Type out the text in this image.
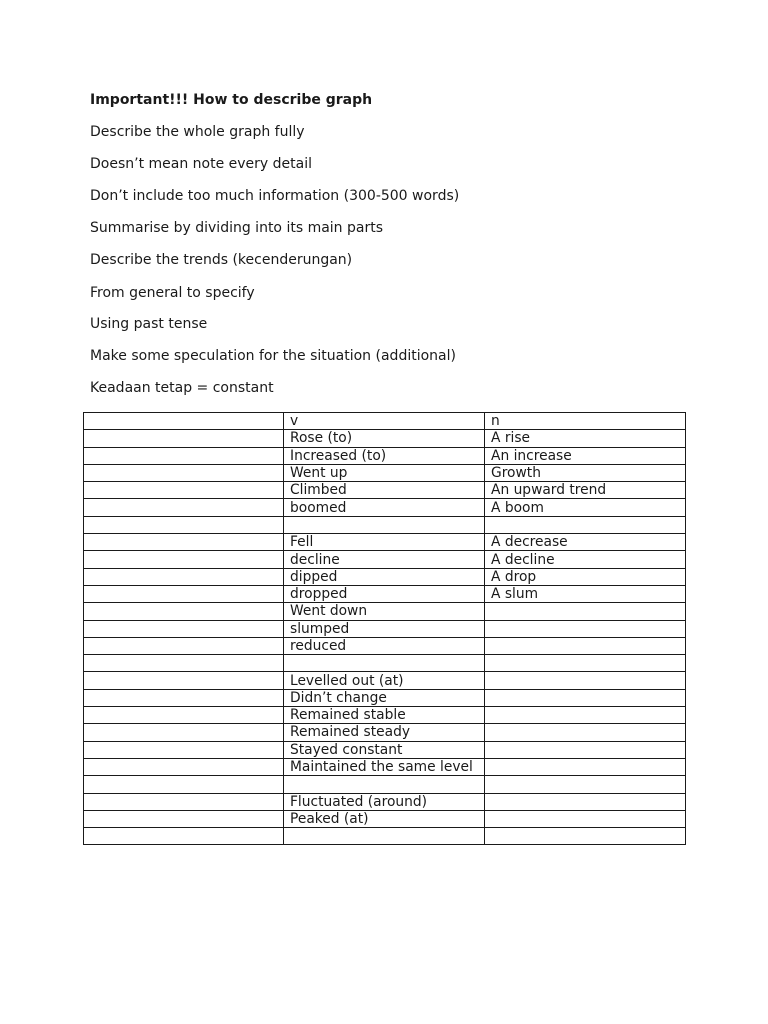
Important!!! How to describe graph
Describe the whole graph fully
Doesn’t mean note every detail
Don’t include too much information (300-500 words)
Summarise by dividing into its main parts
Describe the trends (kecenderungan)
From general to specify
Using past tense
Make some speculation for the situation (additional)
Keadaan tetap = constant
	v	n
	Rose (to)	A rise
	Increased (to)	An increase
	Went up	Growth
	Climbed	An upward trend
	boomed	A boom

	Fell	A decrease
	decline	A decline
	dipped	A drop
	dropped	A slum
	Went down	
	slumped	
	reduced	

	Levelled out (at)	
	Didn’t change	
	Remained stable	
	Remained steady	
	Stayed constant	
	Maintained the same level	

	Fluctuated (around)	
	Peaked (at)	
